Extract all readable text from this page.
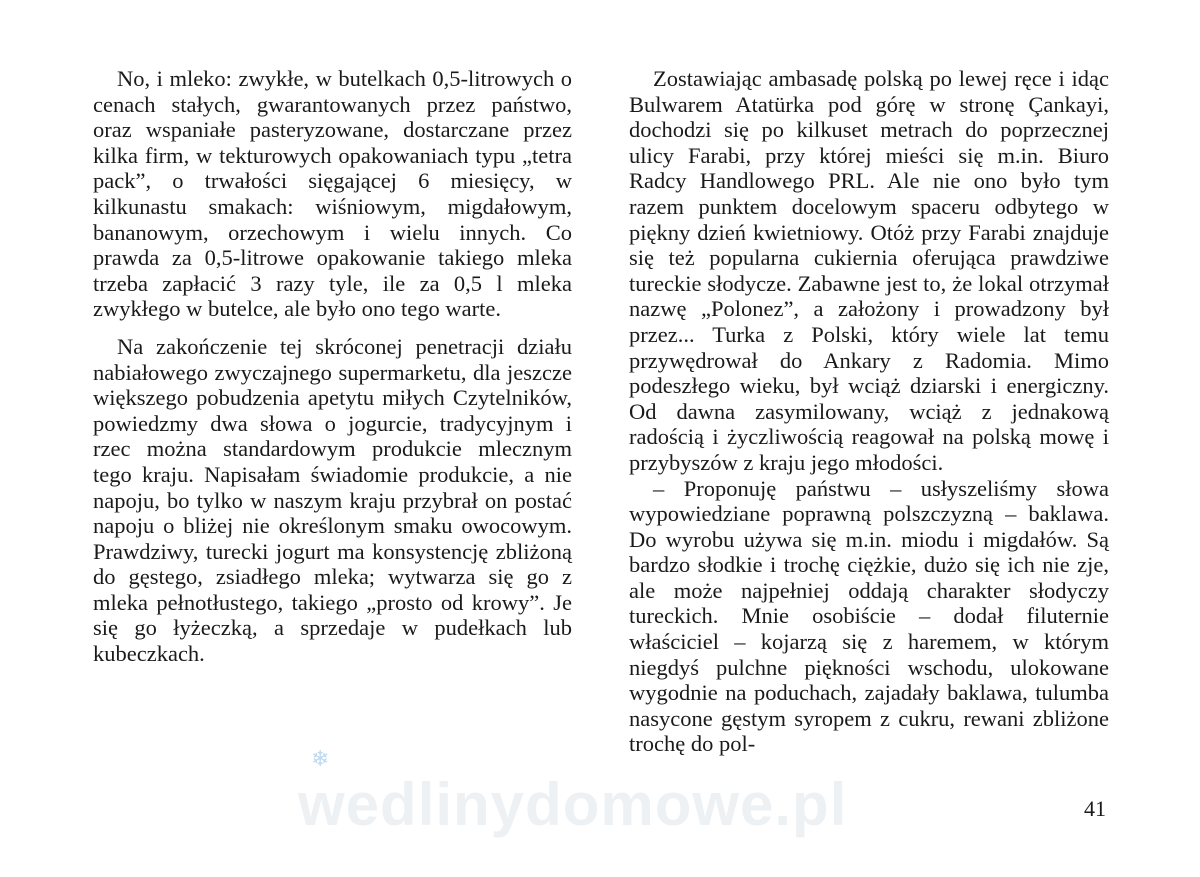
No, i mleko: zwykłe, w butelkach 0,5-litrowych o cenach stałych, gwarantowanych przez państwo, oraz wspaniałe pasteryzowane, dostarczane przez kilka firm, w tekturowych opakowaniach typu „tetra pack”, o trwałości sięgającej 6 miesięcy, w kilkunastu smakach: wiśniowym, migdałowym, bananowym, orzechowym i wielu innych. Co prawda za 0,5-litrowe opakowanie takiego mleka trzeba zapłacić 3 razy tyle, ile za 0,5 l mleka zwykłego w butelce, ale było ono tego warte.

Na zakończenie tej skróconej penetracji działu nabiałowego zwyczajnego supermarketu, dla jeszcze większego pobudzenia apetytu miłych Czytelników, powiedzmy dwa słowa o jogurcie, tradycyjnym i rzec można standardowym produkcie mlecznym tego kraju. Napisałam świadomie produkcie, a nie napoju, bo tylko w naszym kraju przybrał on postać napoju o bliżej nie określonym smaku owocowym. Prawdziwy, turecki jogurt ma konsystencję zbliżoną do gęstego, zsiadłego mleka; wytwarza się go z mleka pełnotłustego, takiego „prosto od krowy”. Je się go łyżeczką, a sprzedaje w pudełkach lub kubeczkach.

Zostawiając ambasadę polską po lewej ręce i idąc Bulwarem Atatürka pod górę w stronę Çankayi, dochodzi się po kilkuset metrach do poprzecznej ulicy Farabi, przy której mieści się m.in. Biuro Radcy Handlowego PRL. Ale nie ono było tym razem punktem docelowym spaceru odbytego w piękny dzień kwietniowy. Otóż przy Farabi znajduje się też popularna cukiernia oferująca prawdziwe tureckie słodycze. Zabawne jest to, że lokal otrzymał nazwę „Polonez”, a założony i prowadzony był przez... Turka z Polski, który wiele lat temu przywędrował do Ankary z Radomia. Mimo podeszłego wieku, był wciąż dziarski i energiczny. Od dawna zasymilowany, wciąż z jednakową radością i życzliwością reagował na polską mowę i przybyszów z kraju jego młodości.

– Proponuję państwu – usłyszeliśmy słowa wypowiedziane poprawną polszczyzną – baklawa. Do wyrobu używa się m.in. miodu i migdałów. Są bardzo słodkie i trochę ciężkie, dużo się ich nie zje, ale może najpełniej oddają charakter słodyczy tureckich. Mnie osobiście – dodał filuternie właściciel – kojarzą się z haremem, w którym niegdyś pulchne piękności wschodu, ulokowane wygodnie na poduchach, zajadały baklawa, tulumba nasycone gęstym syropem z cukru, rewani zbliżone trochę do pol-

❄
wedlinydomowe.pl	41
